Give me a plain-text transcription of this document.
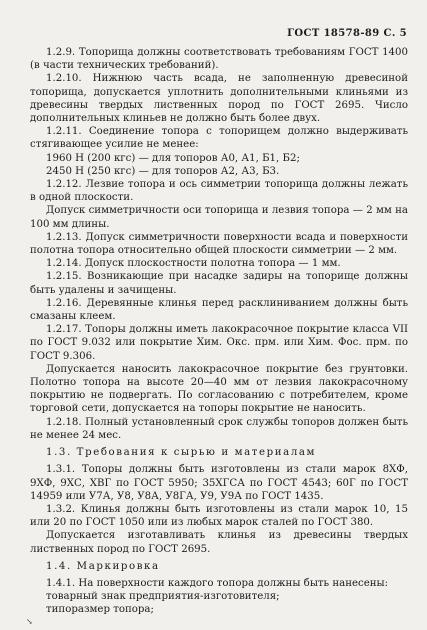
ГОСТ 18578-89 С. 5

1.2.9. Топорища должны соответствовать требованиям ГОСТ 1400 (в части технических требований).

1.2.10. Нижнюю часть всада, не заполненную древесиной топорища, допускается уплотнить дополнительными клиньями из древесины твердых лиственных пород по ГОСТ 2695. Число дополнительных клиньев не должно быть более двух.

1.2.11. Соединение топора с топорищем должно выдерживать стягивающее усилие не менее:

1960 Н (200 кгс) — для топоров А0, А1, Б1, Б2;

2450 Н (250 кгс) — для топоров А2, А3, Б3.

1.2.12. Лезвие топора и ось симметрии топорища должны лежать в одной плоскости.

Допуск симметричности оси топорища и лезвия топора — 2 мм на 100 мм длины.

1.2.13. Допуск симметричности поверхности всада и поверхности полотна топора относительно общей плоскости симметрии — 2 мм.

1.2.14. Допуск плоскостности полотна топора — 1 мм.

1.2.15. Возникающие при насадке задиры на топорище должны быть удалены и зачищены.

1.2.16. Деревянные клинья перед расклиниванием должны быть смазаны клеем.

1.2.17. Топоры должны иметь лакокрасочное покрытие класса VII по ГОСТ 9.032 или покрытие Хим. Окс. прм. или Хим. Фос. прм. по ГОСТ 9.306.

Допускается наносить лакокрасочное покрытие без грунтовки. Полотно топора на высоте 20—40 мм от лезвия лакокрасочному покрытию не подвергать. По согласованию с потребителем, кроме торговой сети, допускается на топоры покрытие не наносить.

1.2.18. Полный установленный срок службы топоров должен быть не менее 24 мес.

1.3. Требования к сырью и материалам

1.3.1. Топоры должны быть изготовлены из стали марок 8ХФ, 9ХФ, 9ХС, ХВГ по ГОСТ 5950; 35ХГСА по ГОСТ 4543; 60Г по ГОСТ 14959 или У7А, У8, У8А, У8ГА, У9, У9А по ГОСТ 1435.

1.3.2. Клинья должны быть изготовлены из стали марок 10, 15 или 20 по ГОСТ 1050 или из любых марок сталей по ГОСТ 380.

Допускается изготавливать клинья из древесины твердых лиственных пород по ГОСТ 2695.

1.4. Маркировка

1.4.1. На поверхности каждого топора должны быть нанесены:

товарный знак предприятия-изготовителя;

типоразмер топора;

↘
